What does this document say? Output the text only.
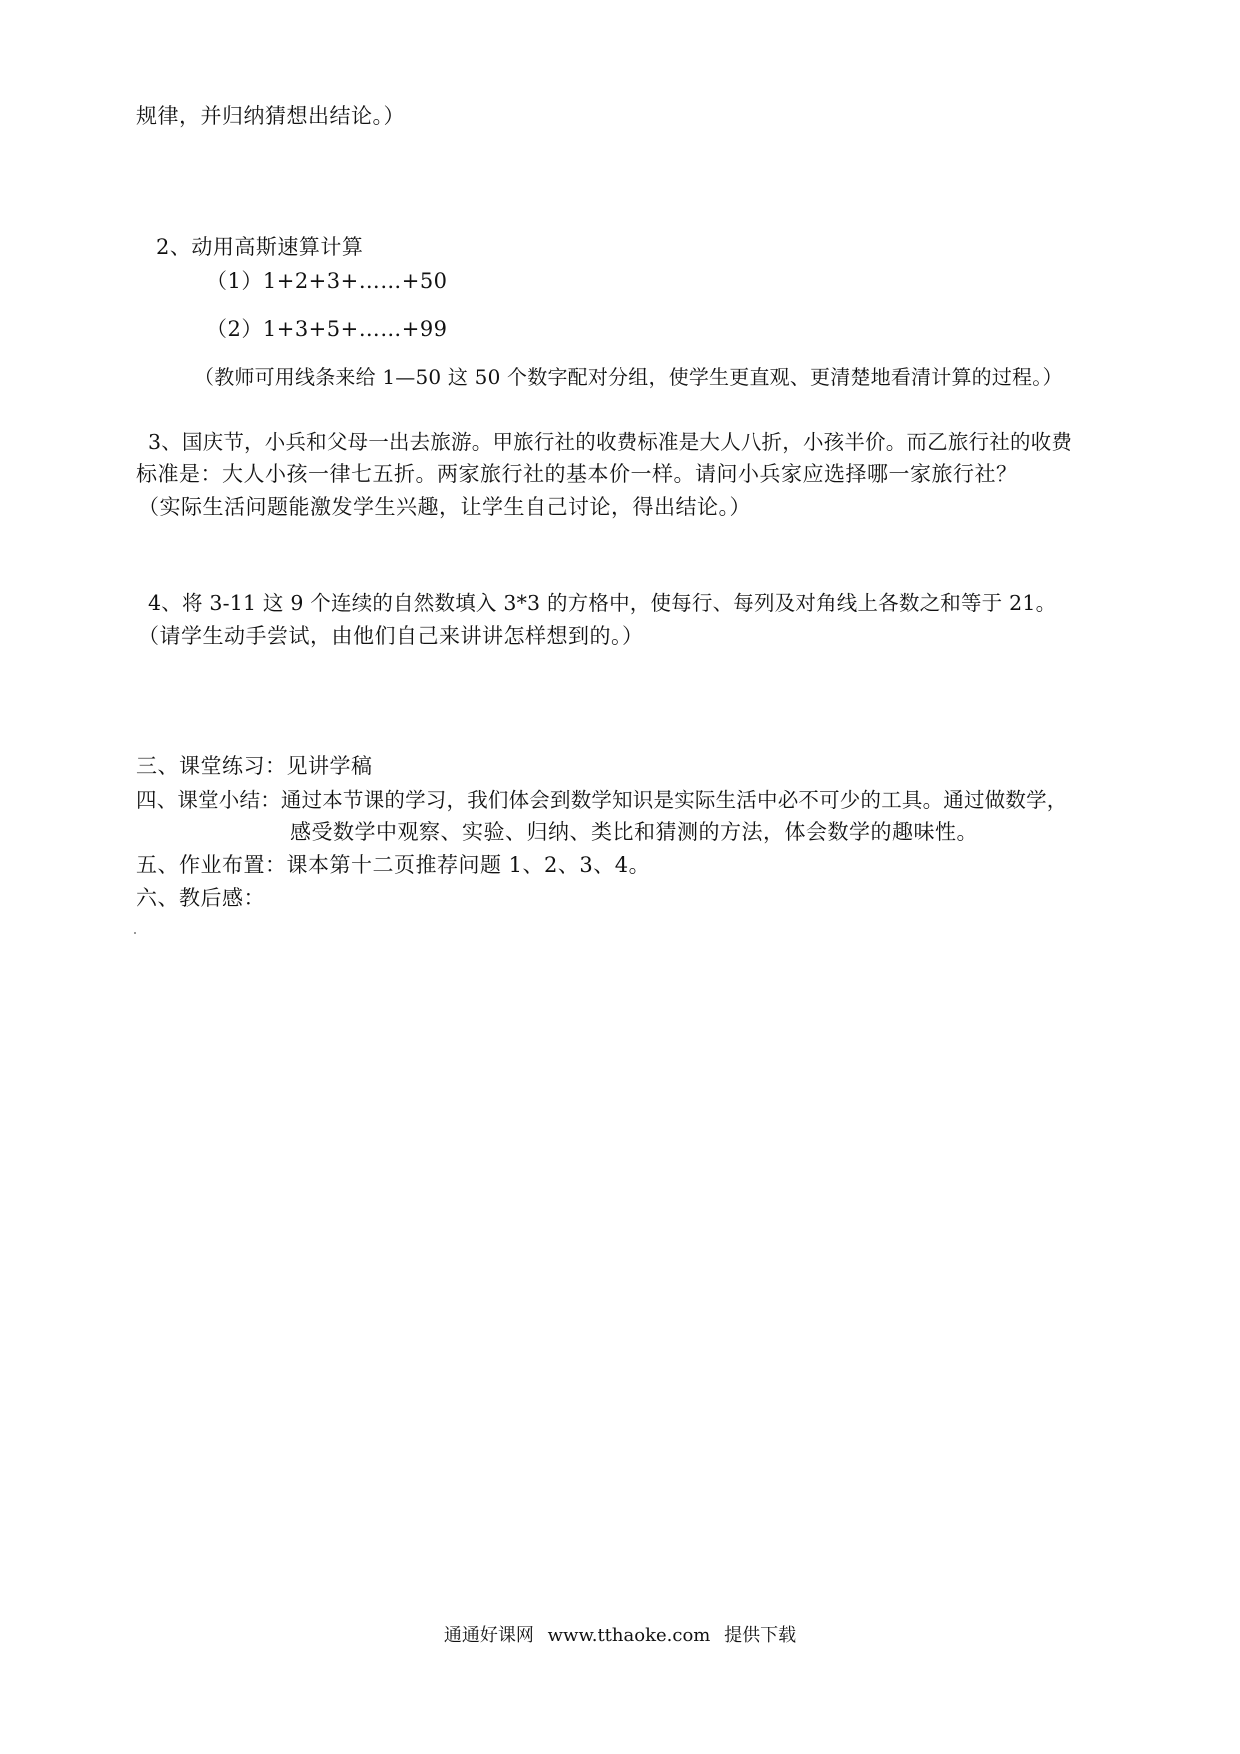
规律，并归纳猜想出结论。）
2、动用高斯速算计算
（1）1+2+3+……+50
（2）1+3+5+……+99
（教师可用线条来给 1—50 这 50 个数字配对分组，使学生更直观、更清楚地看清计算的过程。）
3、国庆节，小兵和父母一出去旅游。甲旅行社的收费标准是大人八折，小孩半价。而乙旅行社的收费
标准是：大人小孩一律七五折。两家旅行社的基本价一样。请问小兵家应选择哪一家旅行社？
（实际生活问题能激发学生兴趣，让学生自己讨论，得出结论。）
4、将 3-11 这 9 个连续的自然数填入 3*3 的方格中，使每行、每列及对角线上各数之和等于 21。
（请学生动手尝试，由他们自己来讲讲怎样想到的。）
三、课堂练习：见讲学稿
四、课堂小结：通过本节课的学习，我们体会到数学知识是实际生活中必不可少的工具。通过做数学，
感受数学中观察、实验、归纳、类比和猜测的方法，体会数学的趣味性。
五、作业布置：课本第十二页推荐问题 1、2、3、4。
六、教后感：
通通好课网 www.tthaoke.com 提供下载
